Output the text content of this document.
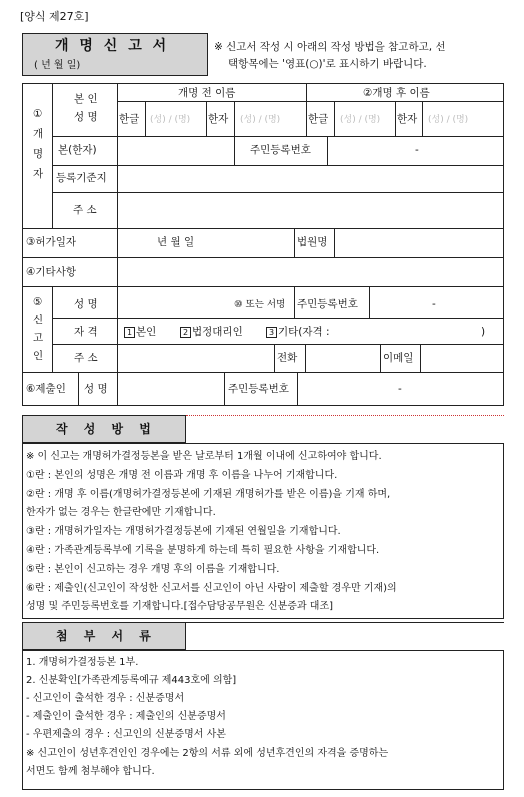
[양식 제27호]
개 명 신 고 서
( 년 월 일)
※ 신고서 작성 시 아래의 작성 방법을 참고하고, 선
택항목에는 '영표(○)'로 표시하기 바랍니다.
①
개
명
자
본 인
성 명
개명 전 이름	②개명 후 이름
한글 (성) / (명) 한자 (성) / (명)	한글 (성) / (명) 한자 (성) / (명)
본(한자)	주민등록번호	-
등록기준지
주 소
③허가일자	년 월 일	법원명
④기타사항
⑤
신
고
인
성 명	⑩ 또는 서명 주민등록번호	-
자 격	1 본인	2 법정대리인	3 기타(자격 :	)
주 소	전화	이메일
⑥제출인 성 명	주민등록번호	-
작 성 방 법
※ 이 신고는 개명허가결정등본을 받은 날로부터 1개월 이내에 신고하여야 합니다.
①란 : 본인의 성명은 개명 전 이름과 개명 후 이름을 나누어 기재합니다.
②란 : 개명 후 이름(개명허가결정등본에 기재된 개명허가를 받은 이름)을 기재 하며,
한자가 없는 경우는 한글란에만 기재합니다.
③란 : 개명허가일자는 개명허가결정등본에 기재된 연월일을 기재합니다.
④란 : 가족관계등록부에 기록을 분명하게 하는데 특히 필요한 사항을 기재합니다.
⑤란 : 본인이 신고하는 경우 개명 후의 이름을 기재합니다.
⑥란 : 제출인(신고인이 작성한 신고서를 신고인이 아닌 사람이 제출할 경우만 기재)의
성명 및 주민등록번호를 기재합니다.[접수담당공무원은 신분증과 대조]
첨 부 서 류
1. 개명허가결정등본 1부.
2. 신분확인[가족관계등록예규 제443호에 의함]
- 신고인이 출석한 경우 : 신분증명서
- 제출인이 출석한 경우 : 제출인의 신분증명서
- 우편제출의 경우 : 신고인의 신분증명서 사본
※ 신고인이 성년후견인인 경우에는 2항의 서류 외에 성년후견인의 자격을 증명하는
서면도 함께 첨부해야 합니다.
